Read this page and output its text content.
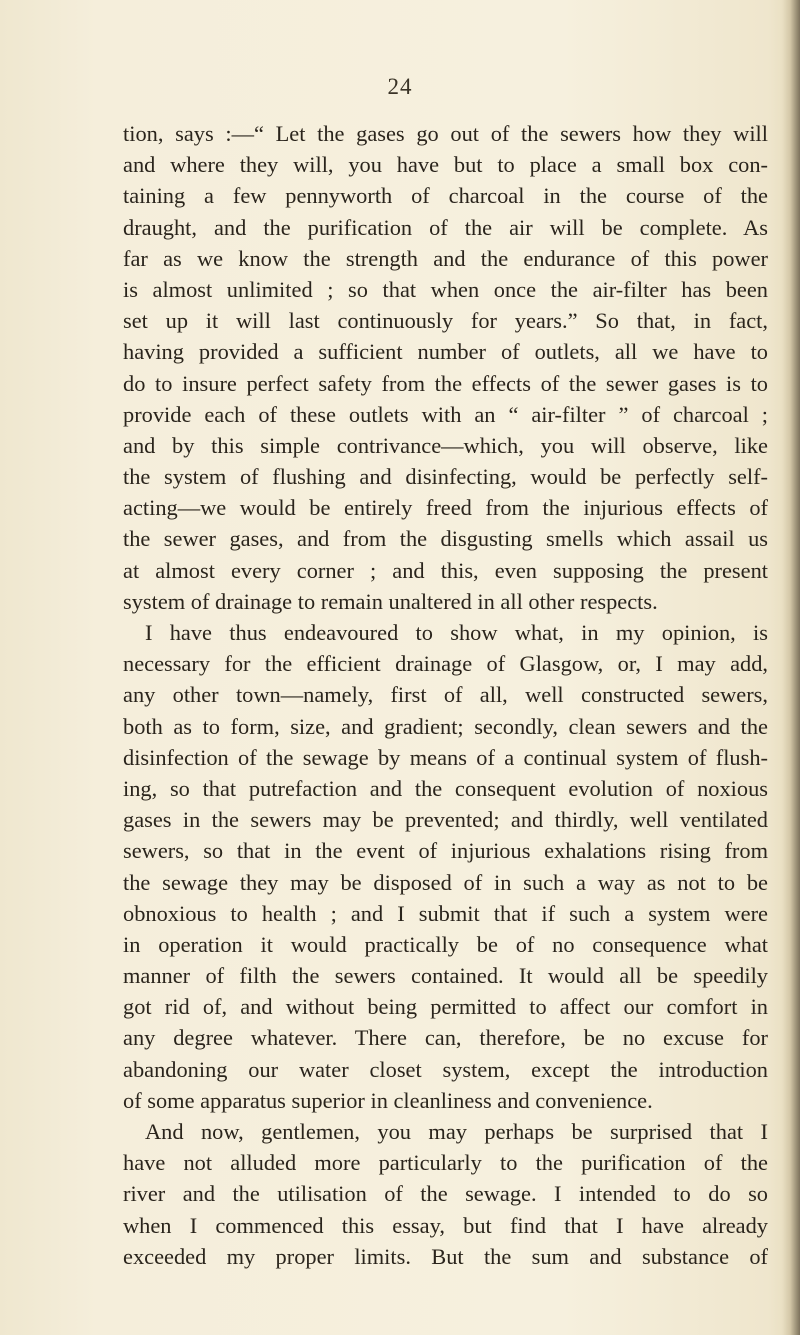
24
tion, says :—“ Let the gases go out of the sewers how they will
and where they will, you have but to place a small box con-
taining a few pennyworth of charcoal in the course of the
draught, and the purification of the air will be complete. As
far as we know the strength and the endurance of this power
is almost unlimited ; so that when once the air-filter has been
set up it will last continuously for years.” So that, in fact,
having provided a sufficient number of outlets, all we have to
do to insure perfect safety from the effects of the sewer gases is to
provide each of these outlets with an “ air-filter ” of charcoal ;
and by this simple contrivance—which, you will observe, like
the system of flushing and disinfecting, would be perfectly self-
acting—we would be entirely freed from the injurious effects of
the sewer gases, and from the disgusting smells which assail us
at almost every corner ; and this, even supposing the present
system of drainage to remain unaltered in all other respects.
I have thus endeavoured to show what, in my opinion, is
necessary for the efficient drainage of Glasgow, or, I may add,
any other town—namely, first of all, well constructed sewers,
both as to form, size, and gradient; secondly, clean sewers and the
disinfection of the sewage by means of a continual system of flush-
ing, so that putrefaction and the consequent evolution of noxious
gases in the sewers may be prevented; and thirdly, well ventilated
sewers, so that in the event of injurious exhalations rising from
the sewage they may be disposed of in such a way as not to be
obnoxious to health ; and I submit that if such a system were
in operation it would practically be of no consequence what
manner of filth the sewers contained. It would all be speedily
got rid of, and without being permitted to affect our comfort in
any degree whatever. There can, therefore, be no excuse for
abandoning our water closet system, except the introduction
of some apparatus superior in cleanliness and convenience.
And now, gentlemen, you may perhaps be surprised that I
have not alluded more particularly to the purification of the
river and the utilisation of the sewage. I intended to do so
when I commenced this essay, but find that I have already
exceeded my proper limits. But the sum and substance of
